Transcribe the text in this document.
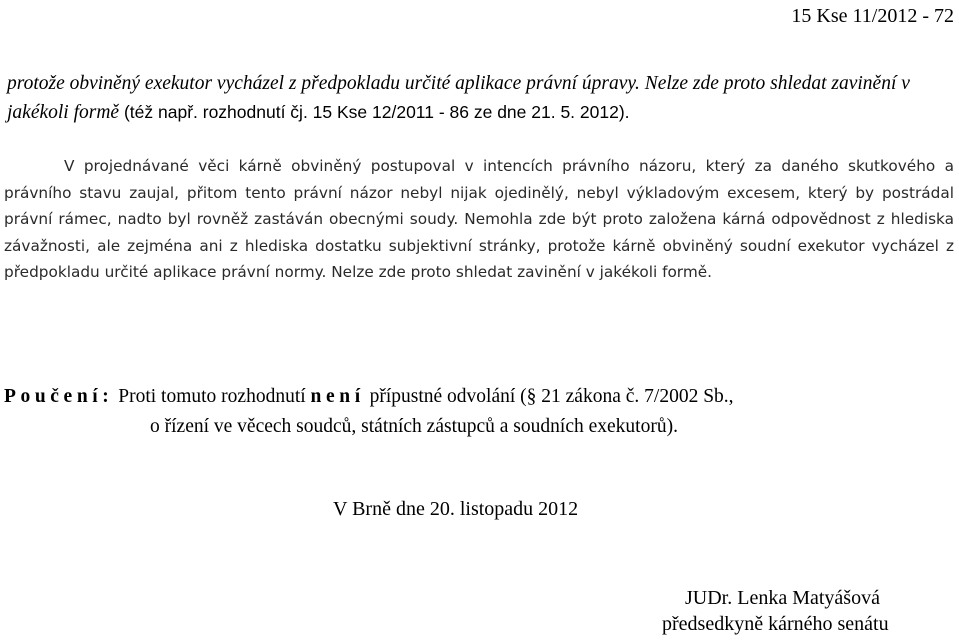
15 Kse 11/2012 - 72
protože obviněný exekutor vycházel z předpokladu určité aplikace právní úpravy. Nelze zde proto shledat zavinění v jakékoli formě (též např. rozhodnutí čj. 15 Kse 12/2011 - 86 ze dne 21. 5. 2012).
V projednávané věci kárně obviněný postupoval v intencích právního názoru, který za daného skutkového a právního stavu zaujal, přitom tento právní názor nebyl nijak ojedinělý, nebyl výkladovým excesem, který by postrádal právní rámec, nadto byl rovněž zastáván obecnými soudy. Nemohla zde být proto založena kárná odpovědnost z hlediska závažnosti, ale zejména ani z hlediska dostatku subjektivní stránky, protože kárně obviněný soudní exekutor vycházel z předpokladu určité aplikace právní normy. Nelze zde proto shledat zavinění v jakékoli formě.
Poučení: Proti tomuto rozhodnutí není přípustné odvolání (§ 21 zákona č. 7/2002 Sb.,
o řízení ve věcech soudců, státních zástupců a soudních exekutorů).
V Brně dne 20. listopadu 2012
JUDr. Lenka Matyášová
předsedkyně kárného senátu
